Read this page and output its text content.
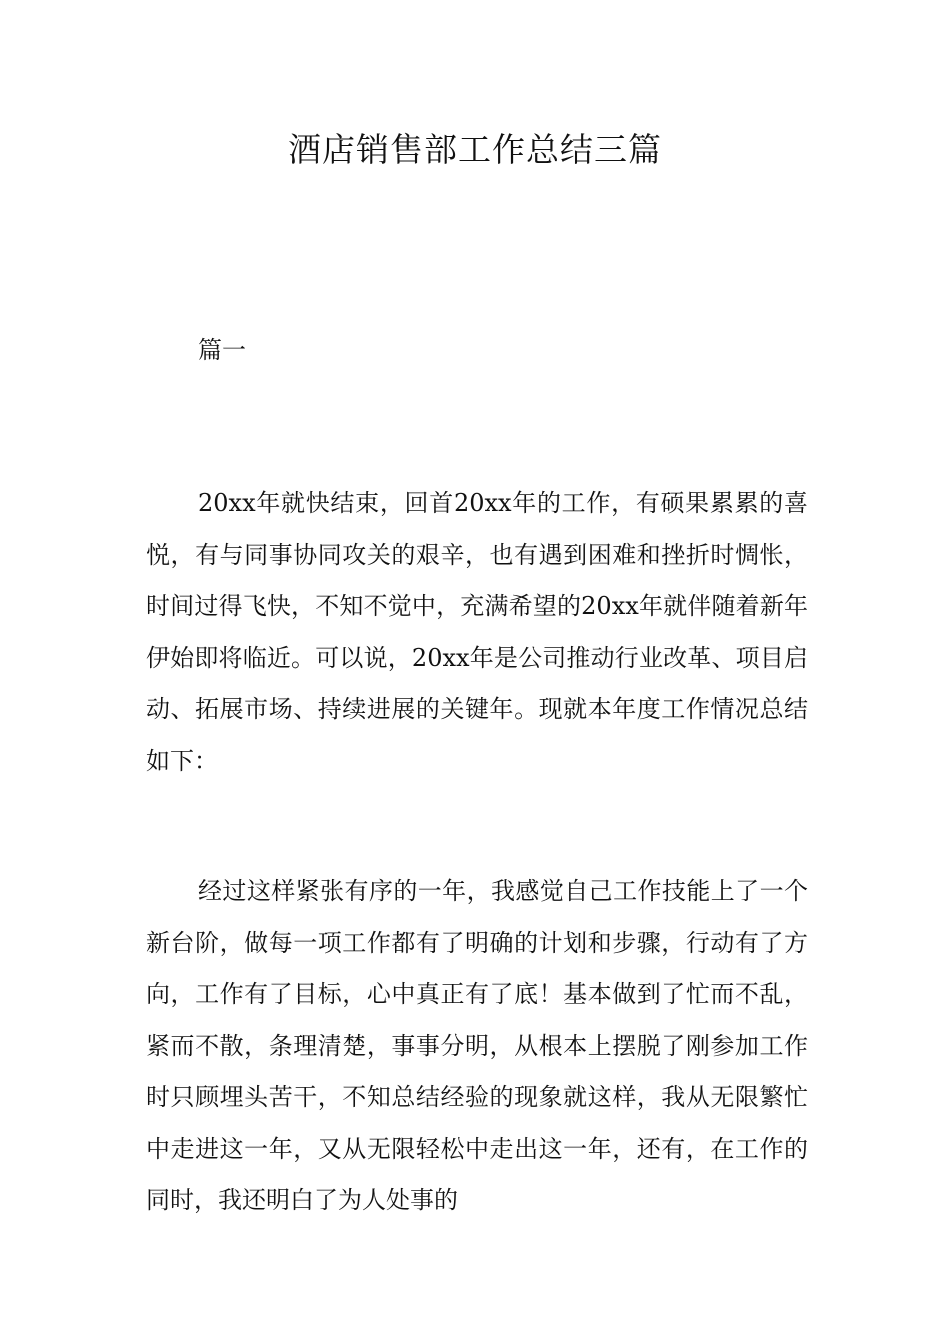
酒店销售部工作总结三篇

篇一

20xx年就快结束，回首20xx年的工作，有硕果累累的喜悦，有与同事协同攻关的艰辛，也有遇到困难和挫折时惆怅，时间过得飞快，不知不觉中，充满希望的20xx年就伴随着新年伊始即将临近。可以说，20xx年是公司推动行业改革、项目启动、拓展市场、持续进展的关键年。现就本年度工作情况总结如下：

经过这样紧张有序的一年，我感觉自己工作技能上了一个新台阶，做每一项工作都有了明确的计划和步骤，行动有了方向，工作有了目标，心中真正有了底！基本做到了忙而不乱，紧而不散，条理清楚，事事分明，从根本上摆脱了刚参加工作时只顾埋头苦干，不知总结经验的现象就这样，我从无限繁忙中走进这一年，又从无限轻松中走出这一年，还有，在工作的同时，我还明白了为人处事的
